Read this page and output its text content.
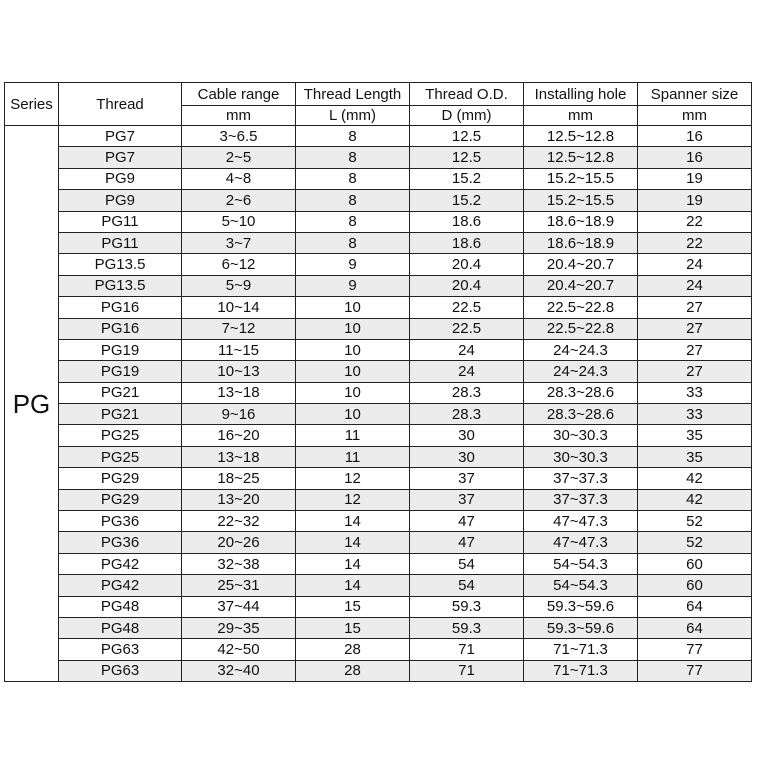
Series	Thread	Cable range	Thread Length	Thread O.D.	Installing hole	Spanner size
		mm	L (mm)	D (mm)	mm	mm
PG	PG7	3~6.5	8	12.5	12.5~12.8	16
	PG7	2~5	8	12.5	12.5~12.8	16
	PG9	4~8	8	15.2	15.2~15.5	19
	PG9	2~6	8	15.2	15.2~15.5	19
	PG11	5~10	8	18.6	18.6~18.9	22
	PG11	3~7	8	18.6	18.6~18.9	22
	PG13.5	6~12	9	20.4	20.4~20.7	24
	PG13.5	5~9	9	20.4	20.4~20.7	24
	PG16	10~14	10	22.5	22.5~22.8	27
	PG16	7~12	10	22.5	22.5~22.8	27
	PG19	11~15	10	24	24~24.3	27
	PG19	10~13	10	24	24~24.3	27
	PG21	13~18	10	28.3	28.3~28.6	33
	PG21	9~16	10	28.3	28.3~28.6	33
	PG25	16~20	11	30	30~30.3	35
	PG25	13~18	11	30	30~30.3	35
	PG29	18~25	12	37	37~37.3	42
	PG29	13~20	12	37	37~37.3	42
	PG36	22~32	14	47	47~47.3	52
	PG36	20~26	14	47	47~47.3	52
	PG42	32~38	14	54	54~54.3	60
	PG42	25~31	14	54	54~54.3	60
	PG48	37~44	15	59.3	59.3~59.6	64
	PG48	29~35	15	59.3	59.3~59.6	64
	PG63	42~50	28	71	71~71.3	77
	PG63	32~40	28	71	71~71.3	77
